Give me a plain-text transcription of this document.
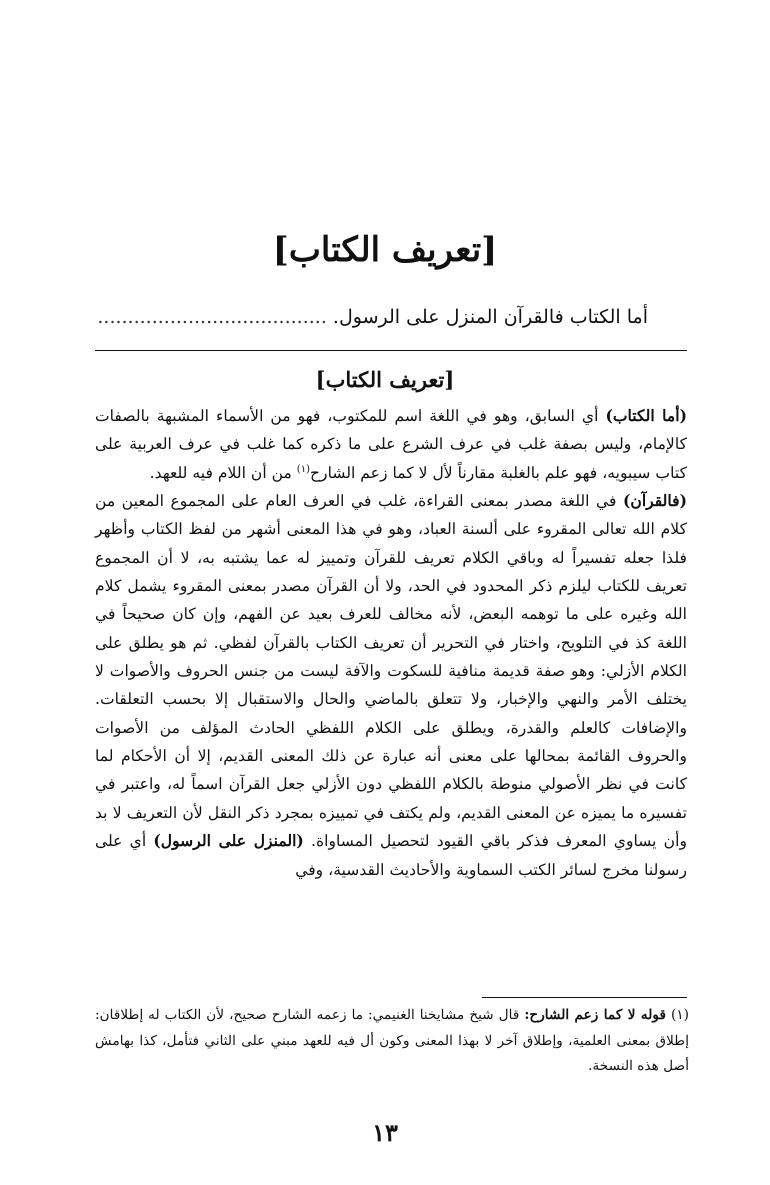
[تعريف الكتاب]
أما الكتاب فالقرآن المنزل على الرسول. ......................................
[تعريف الكتاب]

(أما الكتاب) أي السابق، وهو في اللغة اسم للمكتوب، فهو من الأسماء المشبهة بالصفات كالإمام، وليس بصفة غلب في عرف الشرع على ما ذكره كما غلب في عرف العربية على كتاب سيبويه، فهو علم بالغلبة مقارناً لأل لا كما زعم الشارح$^{(١)}$ من أن اللام فيه للعهد.

(فالقرآن) في اللغة مصدر بمعنى القراءة، غلب في العرف العام على المجموع المعين من كلام الله تعالى المقروء على ألسنة العباد، وهو في هذا المعنى أشهر من لفظ الكتاب وأظهر فلذا جعله تفسيراً له وباقي الكلام تعريف للقرآن وتمييز له عما يشتبه به، لا أن المجموع تعريف للكتاب ليلزم ذكر المحدود في الحد، ولا أن القرآن مصدر بمعنى المقروء يشمل كلام الله وغيره على ما توهمه البعض، لأنه مخالف للعرف بعيد عن الفهم، وإن كان صحيحاً في اللغة كذ في التلويح، واختار في التحرير أن تعريف الكتاب بالقرآن لفظي. ثم هو يطلق على الكلام الأزلي: وهو صفة قديمة منافية للسكوت والآفة ليست من جنس الحروف والأصوات لا يختلف الأمر والنهي والإخبار، ولا تتعلق بالماضي والحال والاستقبال إلا بحسب التعلقات. والإضافات كالعلم والقدرة، ويطلق على الكلام اللفظي الحادث المؤلف من الأصوات والحروف القائمة بمحالها على معنى أنه عبارة عن ذلك المعنى القديم، إلا أن الأحكام لما كانت في نظر الأصولي منوطة بالكلام اللفظي دون الأزلي جعل القرآن اسماً له، واعتبر في تفسيره ما يميزه عن المعنى القديم، ولم يكتف في تمييزه بمجرد ذكر النقل لأن التعريف لا بد وأن يساوي المعرف فذكر باقي القيود لتحصيل المساواة. (المنزل على الرسول) أي على رسولنا مخرج لسائر الكتب السماوية والأحاديث القدسية، وفي

(١) قوله لا كما زعم الشارح: قال شيخ مشايخنا الغنيمي: ما زعمه الشارح صحيح، لأن الكتاب له إطلاقان: إطلاق بمعنى العلمية، وإطلاق آخر لا بهذا المعنى وكون أل فيه للعهد مبني على الثاني فتأمل، كذا بهامش أصل هذه النسخة.

١٣
